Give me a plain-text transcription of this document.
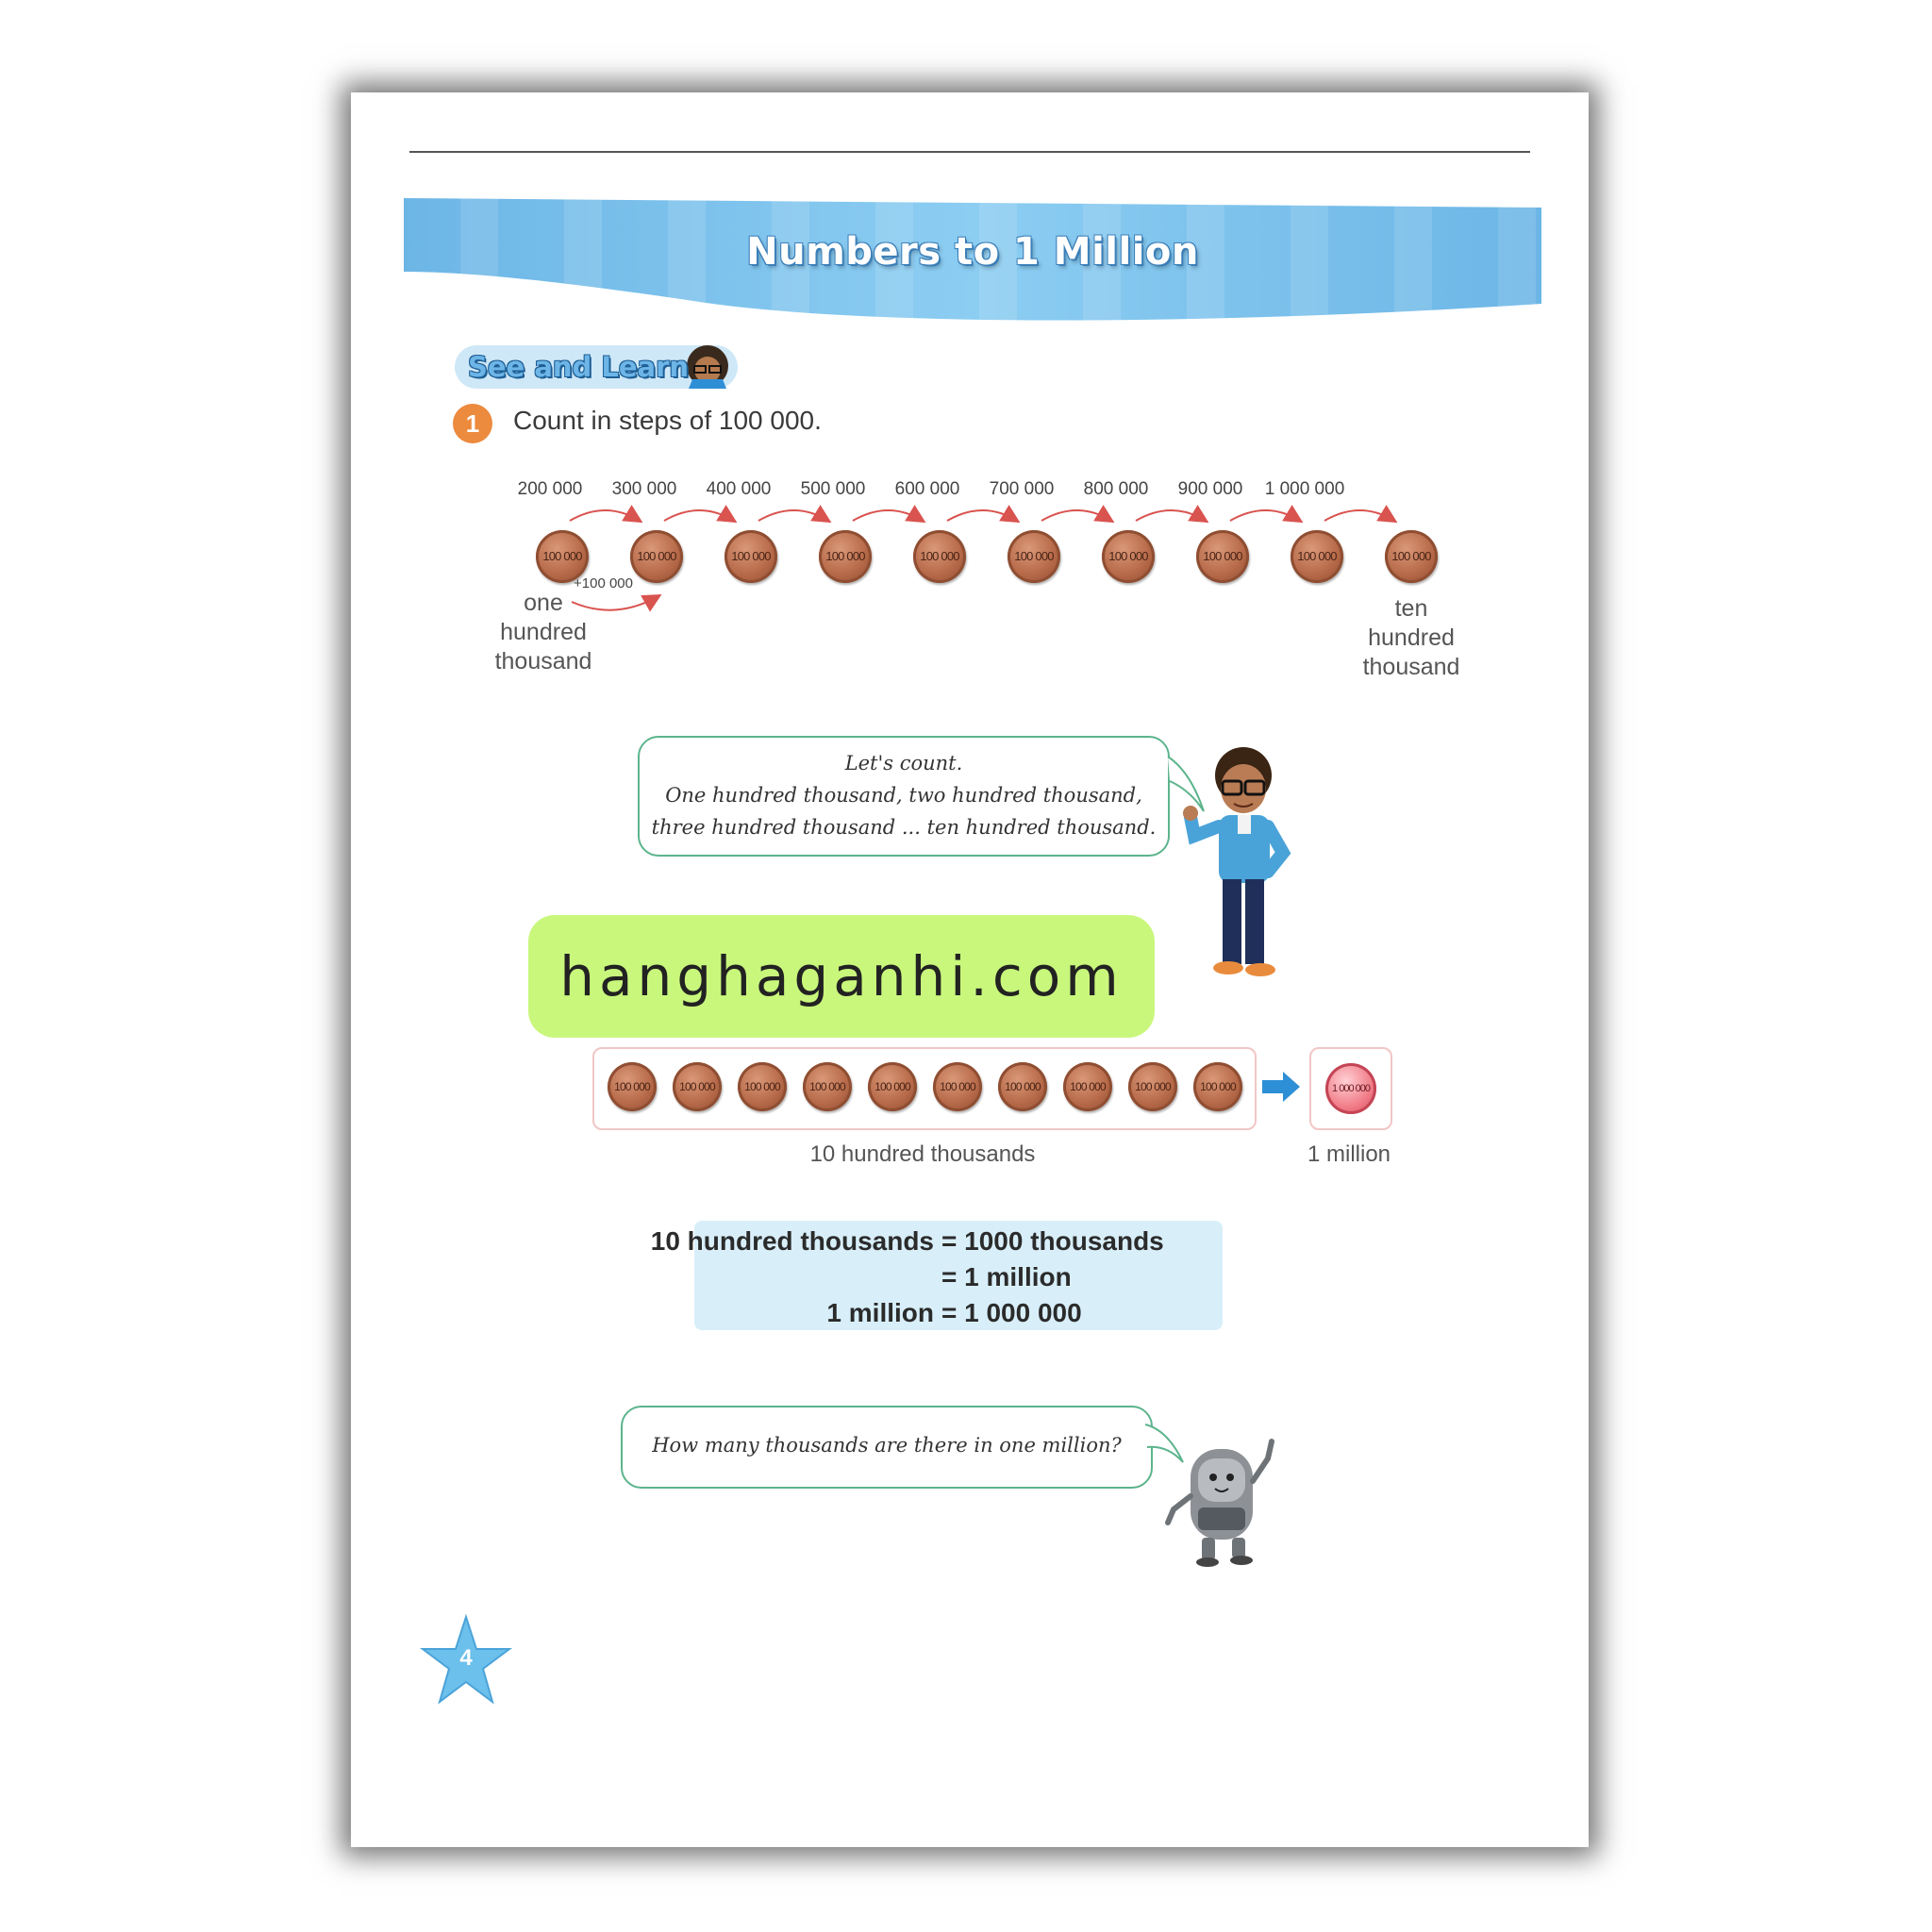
Numbers to 1 Million
See and Learn
1	Count in steps of 100 000.
200 000	300 000	400 000	500 000	600 000	700 000	800 000	900 000	1 000 000
100 000	100 000	100 000	100 000	100 000	100 000	100 000	100 000	100 000	100 000
+100 000
one
hundred
thousand
ten
hundred
thousand
Let's count.
One hundred thousand, two hundred thousand,
three hundred thousand ... ten hundred thousand.
hanghaganhi.com
100 000	100 000	100 000	100 000	100 000	100 000	100 000	100 000	100 000	100 000	1 000 000
10 hundred thousands	1 million
10 hundred thousands = 1000 thousands
= 1 million
1 million = 1 000 000
How many thousands are there in one million?
4
